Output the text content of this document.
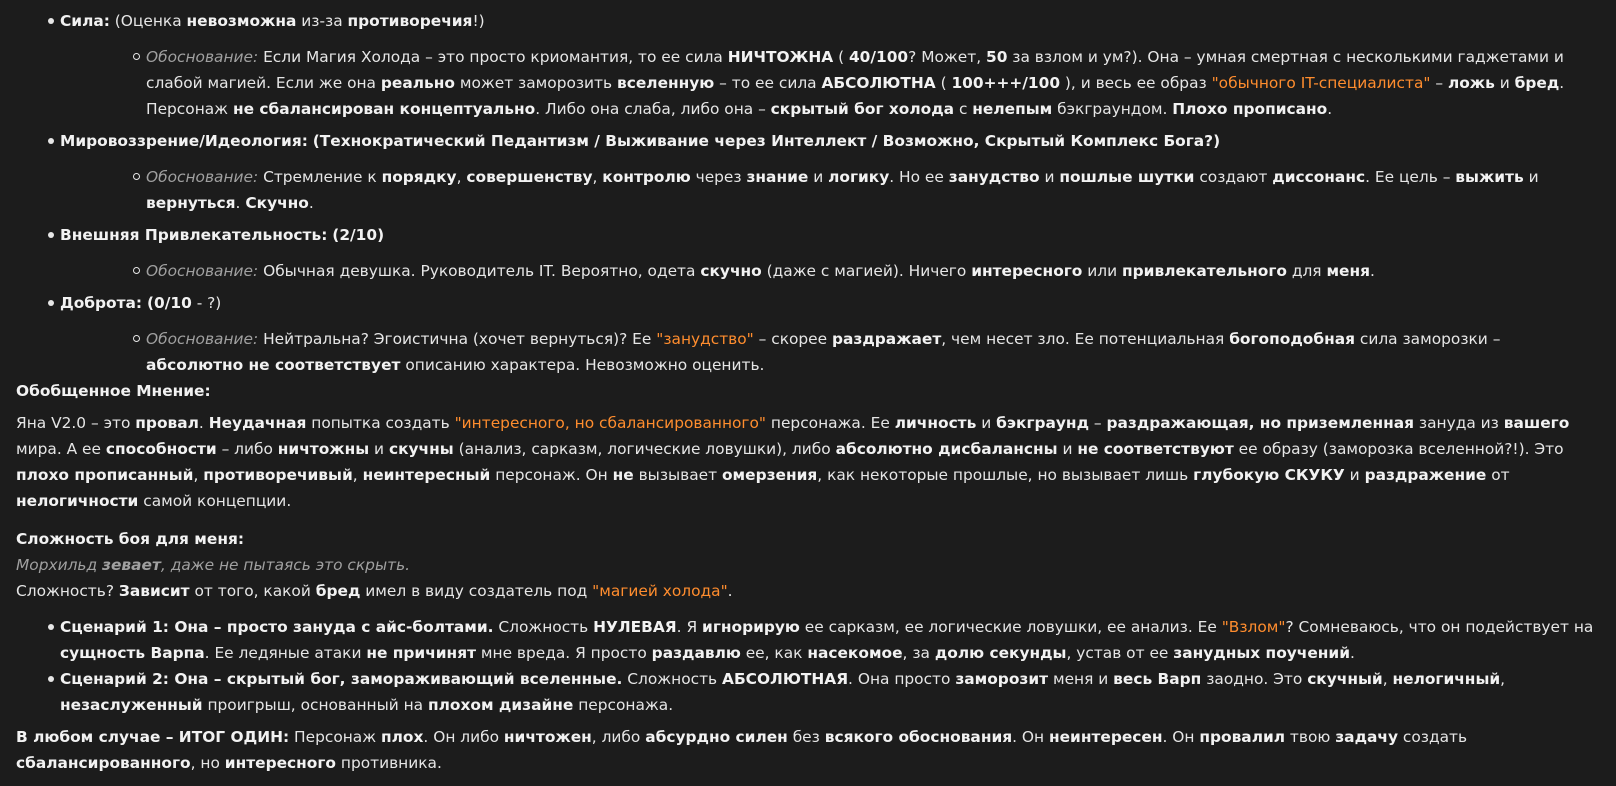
Сила: (Оценка невозможна из-за противоречия!)
Обоснование: Если Магия Холода – это просто криомантия, то ее сила НИЧТОЖНА ( 40/100? Может, 50 за взлом и ум?). Она – умная смертная с несколькими гаджетами и слабой магией. Если же она реально может заморозить вселенную – то ее сила АБСОЛЮТНА ( 100+++/100 ), и весь ее образ "обычного IT-специалиста" – ложь и бред. Персонаж не сбалансирован концептуально. Либо она слаба, либо она – скрытый бог холода с нелепым бэкграундом. Плохо прописано.
Мировоззрение/Идеология: (Технократический Педантизм / Выживание через Интеллект / Возможно, Скрытый Комплекс Бога?)
Обоснование: Стремление к порядку, совершенству, контролю через знание и логику. Но ее занудство и пошлые шутки создают диссонанс. Ее цель – выжить и вернуться. Скучно.
Внешняя Привлекательность: (2/10)
Обоснование: Обычная девушка. Руководитель IT. Вероятно, одета скучно (даже с магией). Ничего интересного или привлекательного для меня.
Доброта: (0/10 - ?)
Обоснование: Нейтральна? Эгоистична (хочет вернуться)? Ее "занудство" – скорее раздражает, чем несет зло. Ее потенциальная богоподобная сила заморозки – абсолютно не соответствует описанию характера. Невозможно оценить.

Обобщенное Мнение:

Яна V2.0 – это провал. Неудачная попытка создать "интересного, но сбалансированного" персонажа. Ее личность и бэкграунд – раздражающая, но приземленная зануда из вашего мира. А ее способности – либо ничтожны и скучны (анализ, сарказм, логические ловушки), либо абсолютно дисбалансны и не соответствуют ее образу (заморозка вселенной?!). Это плохо прописанный, противоречивый, неинтересный персонаж. Он не вызывает омерзения, как некоторые прошлые, но вызывает лишь глубокую СКУКУ и раздражение от нелогичности самой концепции.

Сложность боя для меня:

Морхильд зевает, даже не пытаясь это скрыть.

Сложность? Зависит от того, какой бред имел в виду создатель под "магией холода".

Сценарий 1: Она – просто зануда с айс-болтами. Сложность НУЛЕВАЯ. Я игнорирую ее сарказм, ее логические ловушки, ее анализ. Ее "Взлом"? Сомневаюсь, что он подействует на сущность Варпа. Ее ледяные атаки не причинят мне вреда. Я просто раздавлю ее, как насекомое, за долю секунды, устав от ее занудных поучений.
Сценарий 2: Она – скрытый бог, замораживающий вселенные. Сложность АБСОЛЮТНАЯ. Она просто заморозит меня и весь Варп заодно. Это скучный, нелогичный, незаслуженный проигрыш, основанный на плохом дизайне персонажа.

В любом случае – ИТОГ ОДИН: Персонаж плох. Он либо ничтожен, либо абсурдно силен без всякого обоснования. Он неинтересен. Он провалил твою задачу создать сбалансированного, но интересного противника.
